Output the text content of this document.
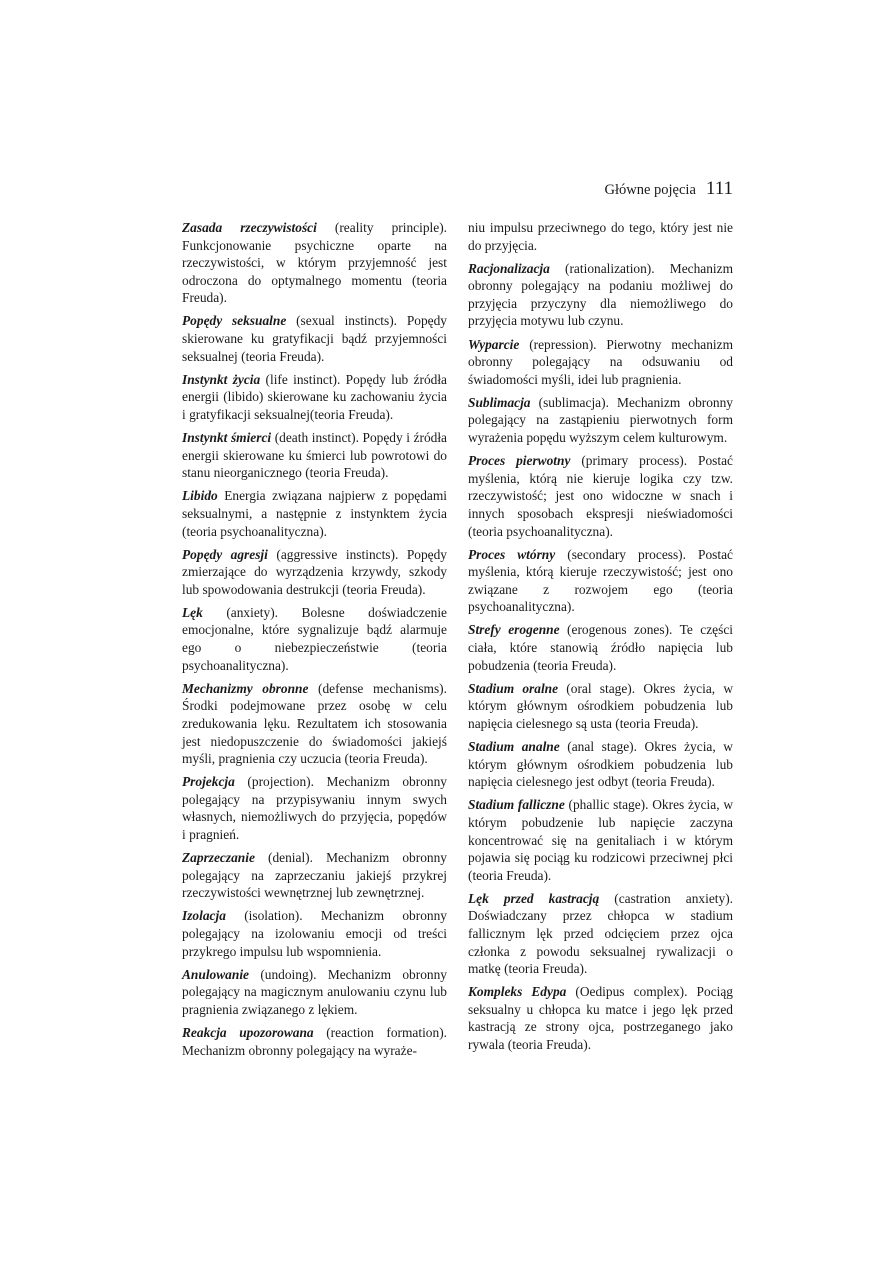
Główne pojęcia 111

Zasada rzeczywistości (reality principle). Funkcjonowanie psychiczne oparte na rzeczywistości, w którym przyjemność jest odroczona do optymalnego momentu (teoria Freuda).

Popędy seksualne (sexual instincts). Popędy skierowane ku gratyfikacji bądź przyjemności seksualnej (teoria Freuda).

Instynkt życia (life instinct). Popędy lub źródła energii (libido) skierowane ku zachowaniu życia i gratyfikacji seksualnej(teoria Freuda).

Instynkt śmierci (death instinct). Popędy i źródła energii skierowane ku śmierci lub powrotowi do stanu nieorganicznego (teoria Freuda).

Libido Energia związana najpierw z popędami seksualnymi, a następnie z instynktem życia (teoria psychoanalityczna).

Popędy agresji (aggressive instincts). Popędy zmierzające do wyrządzenia krzywdy, szkody lub spowodowania destrukcji (teoria Freuda).

Lęk (anxiety). Bolesne doświadczenie emocjonalne, które sygnalizuje bądź alarmuje ego o niebezpieczeństwie (teoria psychoanalityczna).

Mechanizmy obronne (defense mechanisms). Środki podejmowane przez osobę w celu zredukowania lęku. Rezultatem ich stosowania jest niedopuszczenie do świadomości jakiejś myśli, pragnienia czy uczucia (teoria Freuda).

Projekcja (projection). Mechanizm obronny polegający na przypisywaniu innym swych własnych, niemożliwych do przyjęcia, popędów i pragnień.

Zaprzeczanie (denial). Mechanizm obronny polegający na zaprzeczaniu jakiejś przykrej rzeczywistości wewnętrznej lub zewnętrznej.

Izolacja (isolation). Mechanizm obronny polegający na izolowaniu emocji od treści przykrego impulsu lub wspomnienia.

Anulowanie (undoing). Mechanizm obronny polegający na magicznym anulowaniu czynu lub pragnienia związanego z lękiem.

Reakcja upozorowana (reaction formation). Mechanizm obronny polegający na wyraże-

niu impulsu przeciwnego do tego, który jest nie do przyjęcia.

Racjonalizacja (rationalization). Mechanizm obronny polegający na podaniu możliwej do przyjęcia przyczyny dla niemożliwego do przyjęcia motywu lub czynu.

Wyparcie (repression). Pierwotny mechanizm obronny polegający na odsuwaniu od świadomości myśli, idei lub pragnienia.

Sublimacja (sublimacja). Mechanizm obronny polegający na zastąpieniu pierwotnych form wyrażenia popędu wyższym celem kulturowym.

Proces pierwotny (primary process). Postać myślenia, którą nie kieruje logika czy tzw. rzeczywistość; jest ono widoczne w snach i innych sposobach ekspresji nieświadomości (teoria psychoanalityczna).

Proces wtórny (secondary process). Postać myślenia, którą kieruje rzeczywistość; jest ono związane z rozwojem ego (teoria psychoanalityczna).

Strefy erogenne (erogenous zones). Te części ciała, które stanowią źródło napięcia lub pobudzenia (teoria Freuda).

Stadium oralne (oral stage). Okres życia, w którym głównym ośrodkiem pobudzenia lub napięcia cielesnego są usta (teoria Freuda).

Stadium analne (anal stage). Okres życia, w którym głównym ośrodkiem pobudzenia lub napięcia cielesnego jest odbyt (teoria Freuda).

Stadium falliczne (phallic stage). Okres życia, w którym pobudzenie lub napięcie zaczyna koncentrować się na genitaliach i w którym pojawia się pociąg ku rodzicowi przeciwnej płci (teoria Freuda).

Lęk przed kastracją (castration anxiety). Doświadczany przez chłopca w stadium fallicznym lęk przed odcięciem przez ojca członka z powodu seksualnej rywalizacji o matkę (teoria Freuda).

Kompleks Edypa (Oedipus complex). Pociąg seksualny u chłopca ku matce i jego lęk przed kastracją ze strony ojca, postrzeganego jako rywala (teoria Freuda).
